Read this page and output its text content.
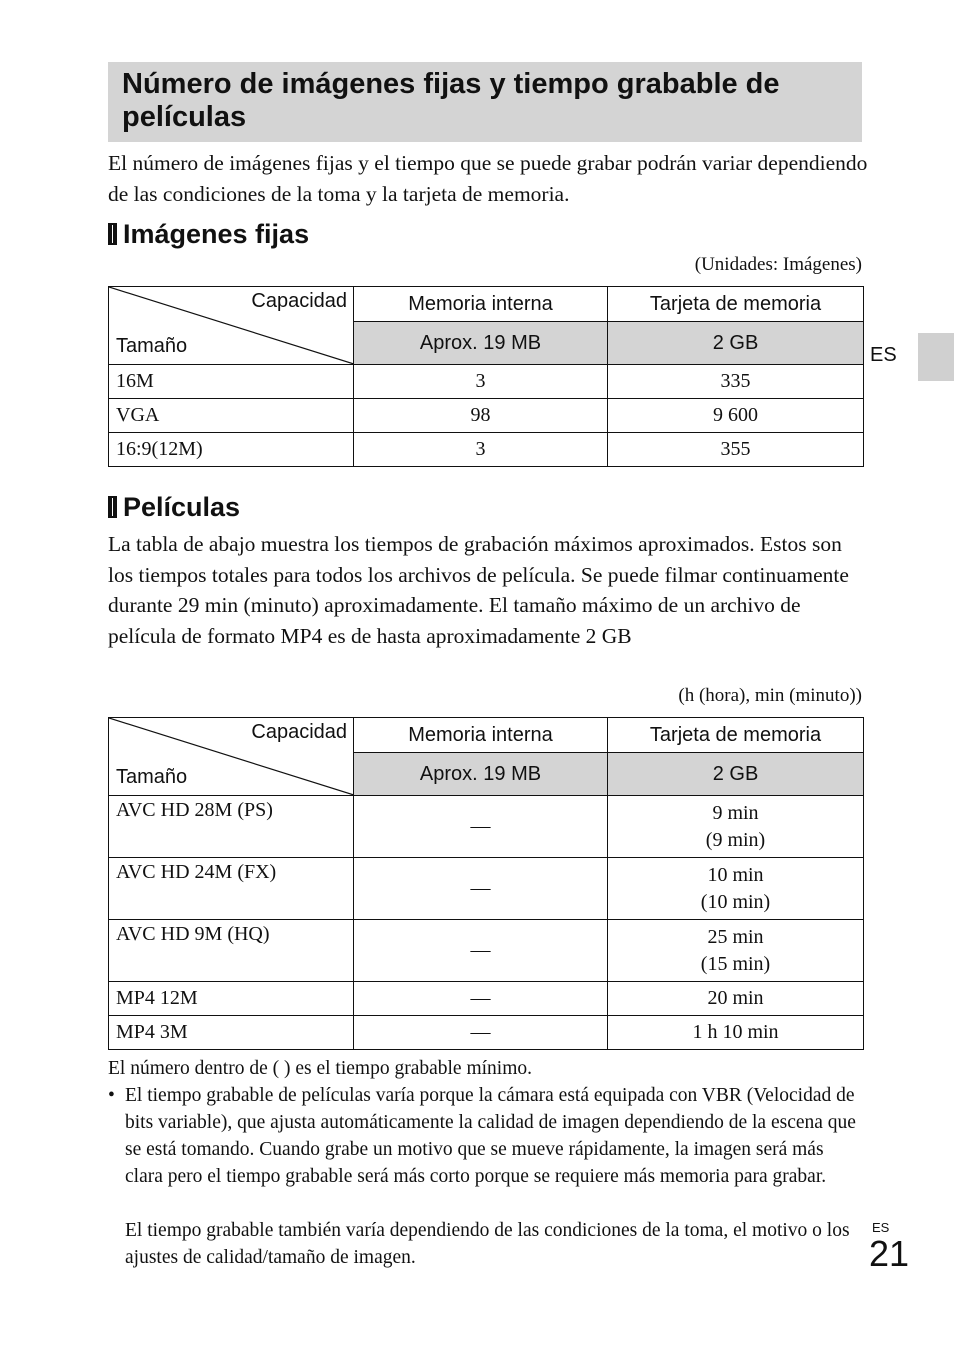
Número de imágenes fijas y tiempo grabable de películas

El número de imágenes fijas y el tiempo que se puede grabar podrán variar dependiendo de las condiciones de la toma y la tarjeta de memoria.

Imágenes fijas
(Unidades: Imágenes)
ES
Capacidad
Tamaño	Memoria interna	Tarjeta de memoria
	Aprox. 19 MB	2 GB
16M	3	335
VGA	98	9 600
16:9(12M)	3	355
Películas

La tabla de abajo muestra los tiempos de grabación máximos aproximados. Estos son los tiempos totales para todos los archivos de película. Se puede filmar continuamente durante 29 min (minuto) aproximadamente. El tamaño máximo de un archivo de película de formato MP4 es de hasta aproximadamente 2 GB

(h (hora), min (minuto))
Capacidad
Tamaño	Memoria interna	Tarjeta de memoria
	Aprox. 19 MB	2 GB
AVC HD 28M (PS)	—	9 min
(9 min)

AVC HD 24M (FX)	—	10 min
(10 min)

AVC HD 9M (HQ)	—	25 min
(15 min)

MP4 12M	—	20 min
MP4 3M	—	1 h 10 min

El número dentro de ( ) es el tiempo grabable mínimo.

• El tiempo grabable de películas varía porque la cámara está equipada con VBR (Velocidad de bits variable), que ajusta automáticamente la calidad de imagen dependiendo de la escena que se está tomando. Cuando grabe un motivo que se mueve rápidamente, la imagen será más clara pero el tiempo grabable será más corto porque se requiere más memoria para grabar.

El tiempo grabable también varía dependiendo de las condiciones de la toma, el motivo o los ajustes de calidad/tamaño de imagen.

ES
21
